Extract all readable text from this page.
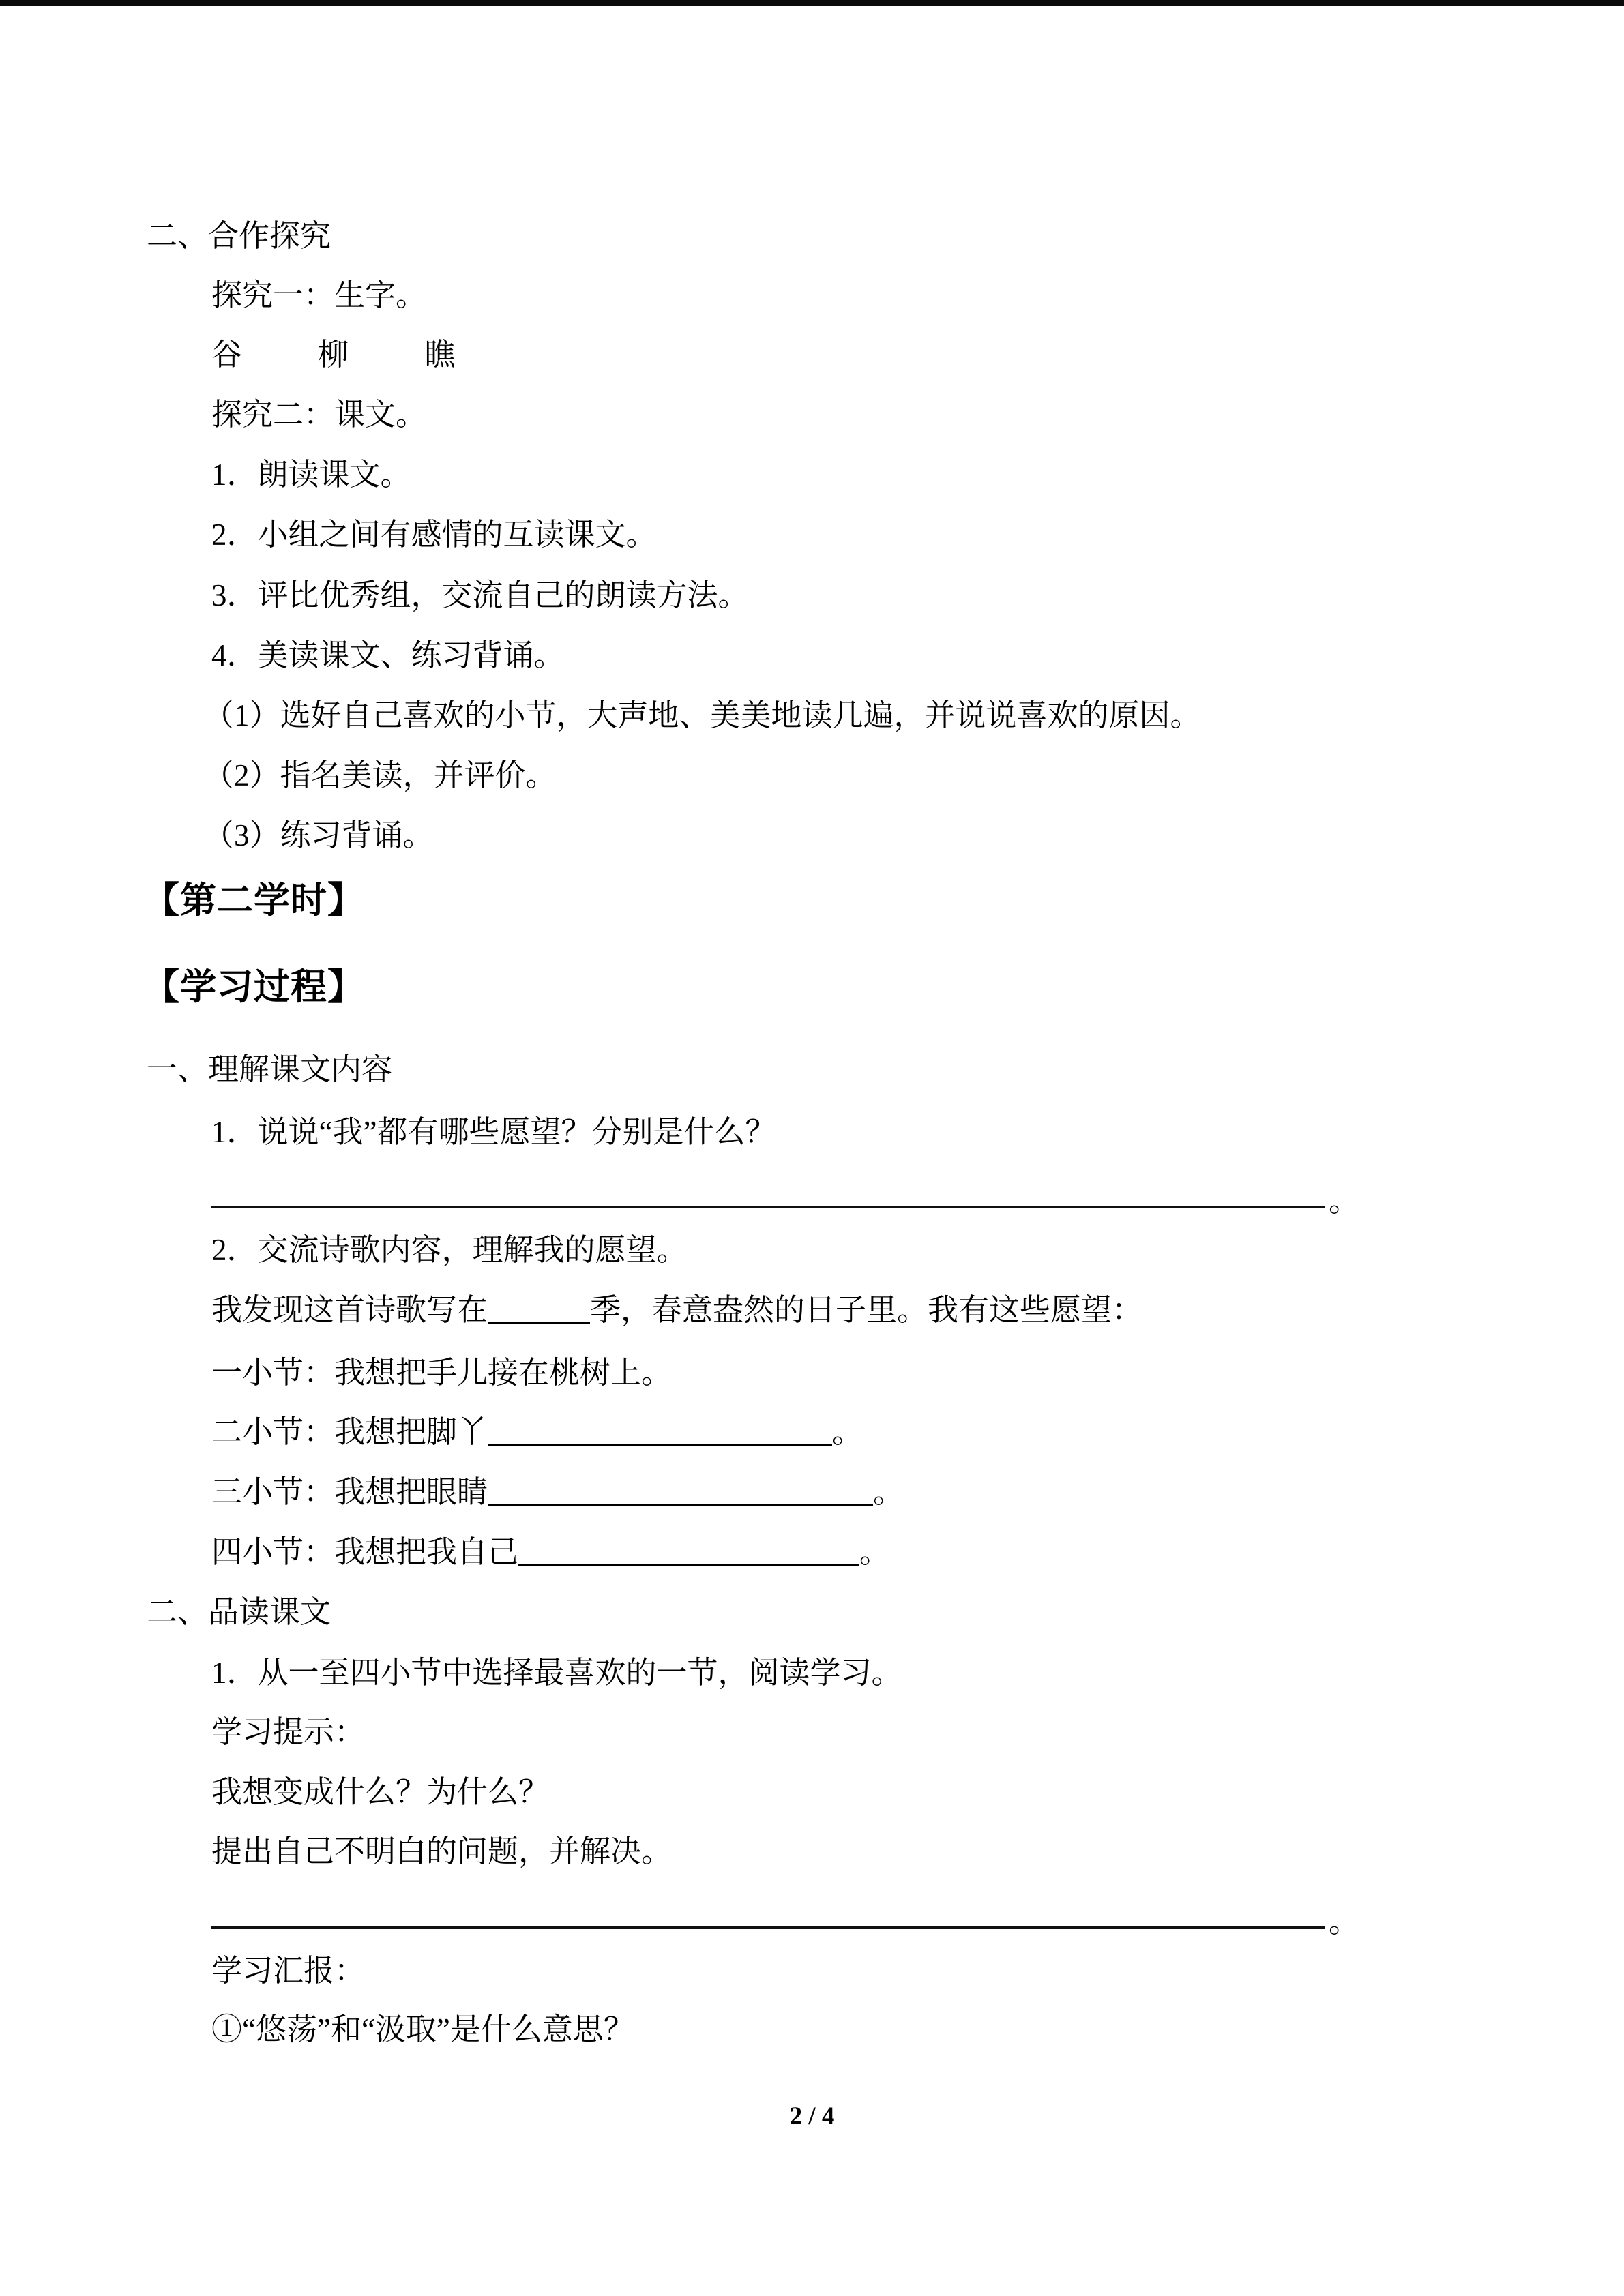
二、合作探究
探究一：生字。
谷 柳 瞧
探究二：课文。
1．朗读课文。
2．小组之间有感情的互读课文。
3．评比优秀组，交流自己的朗读方法。
4．美读课文、练习背诵。
（1）选好自己喜欢的小节，大声地、美美地读几遍，并说说喜欢的原因。
（2）指名美读，并评价。
（3）练习背诵。
【第二学时】
【学习过程】
一、理解课文内容
1．说说“我”都有哪些愿望？分别是什么？
。
2．交流诗歌内容，理解我的愿望。
我发现这首诗歌写在	季，春意盎然的日子里。我有这些愿望：
一小节：我想把手儿接在桃树上。
二小节：我想把脚丫	。
三小节：我想把眼睛	。
四小节：我想把我自己	。
二、品读课文
1．从一至四小节中选择最喜欢的一节，阅读学习。
学习提示：
我想变成什么？为什么？
提出自己不明白的问题，并解决。
。
学习汇报：
①“悠荡”和“汲取”是什么意思？
2 / 4
